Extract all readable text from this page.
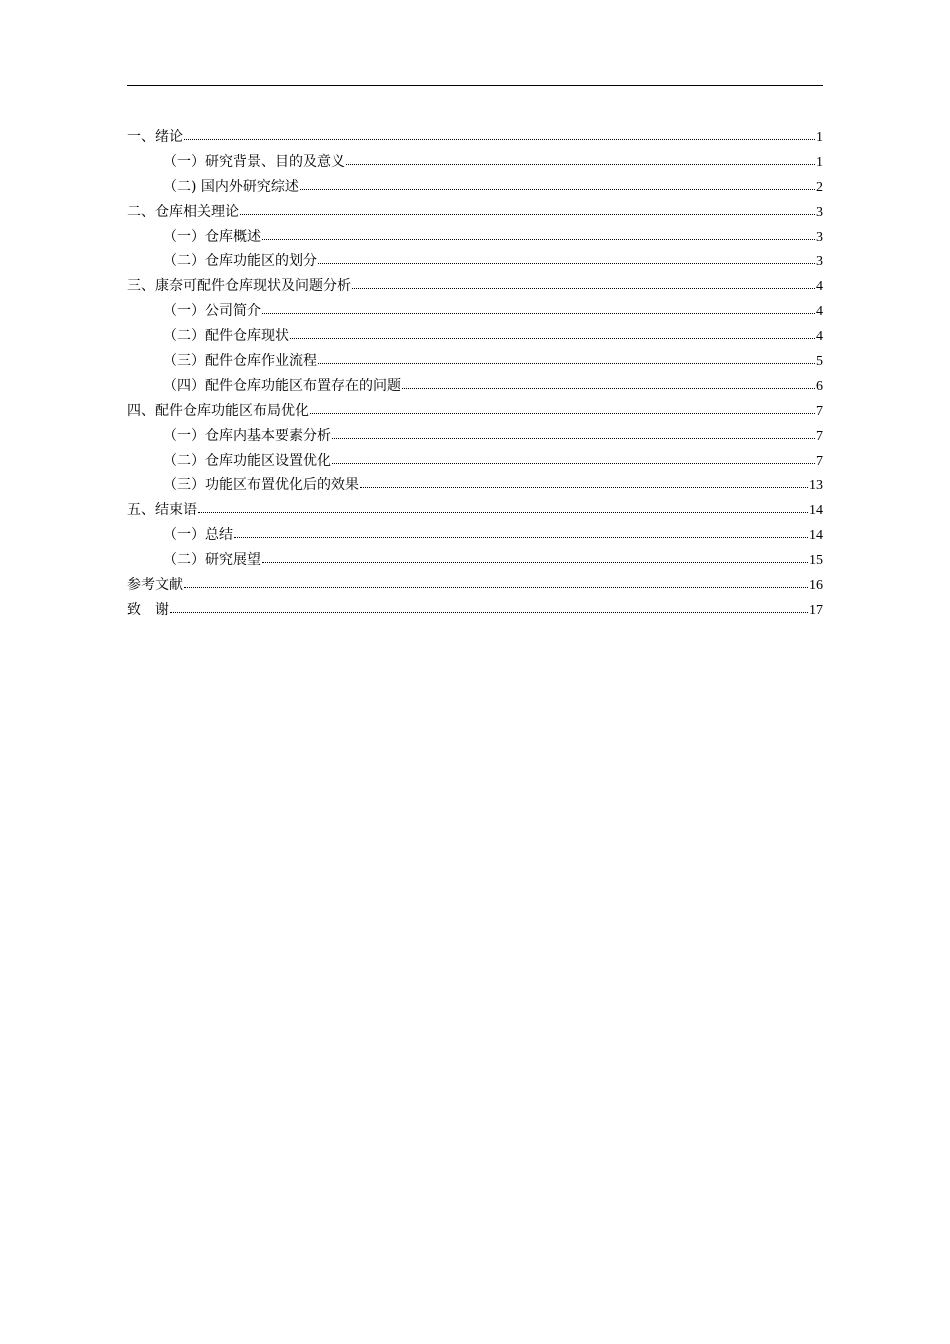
一、绪论	1
（一）研究背景、目的及意义	1
（二) 国内外研究综述	2
二、仓库相关理论	3
（一）仓库概述	3
（二）仓库功能区的划分	3
三、康奈可配件仓库现状及问题分析	4
（一）公司简介	4
（二）配件仓库现状	4
（三）配件仓库作业流程	5
（四）配件仓库功能区布置存在的问题	6
四、配件仓库功能区布局优化	7
（一）仓库内基本要素分析	7
（二）仓库功能区设置优化	7
（三）功能区布置优化后的效果	13
五、结束语	14
（一）总结	14
（二）研究展望	15
参考文献	16
致　谢	17
